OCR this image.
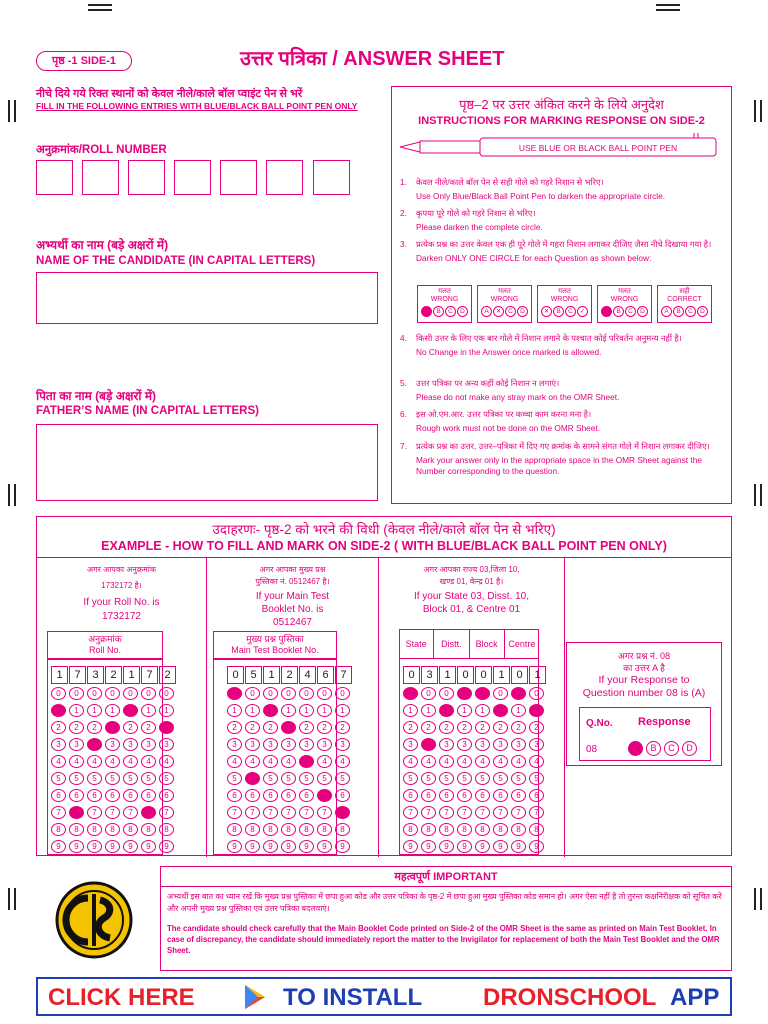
पृष्ठ -1 SIDE-1	उत्तर पत्रिका / ANSWER SHEET
नीचे दिये गये रिक्त स्थानों को केवल नीले/काले बॉल प्वाइंट पेन से भरें
FILL IN THE FOLLOWING ENTRIES WITH BLUE/BLACK BALL POINT PEN ONLY
अनुक्रमांक/ROLL NUMBER
अभ्यर्थी का नाम (बड़े अक्षरों में)
NAME OF THE CANDIDATE (IN CAPITAL LETTERS)
पिता का नाम (बड़े अक्षरों में)
FATHER’S NAME (IN CAPITAL LETTERS)
पृष्ठ–2 पर उत्तर अंकित करने के लिये अनुदेश
INSTRUCTIONS FOR MARKING RESPONSE ON SIDE-2
USE BLUE OR BLACK BALL POINT PEN
1.	केवल नीले/काले बॉल पेन से सही गोले को गहरे निशान से भरिए।
Use Only Blue/Black Ball Point Pen to darken the appropriate circle.
2.	कृपया पूरे गोले को गहरे निशान से भरिए।
Please darken the complete circle.
3.	प्रत्येक प्रश्न का उत्तर केवल एक ही पूरे गोले में गहरा निशान लगाकर दीजिए जैसा नीचे दिखाया गया है।
Darken ONLY ONE CIRCLE for each Question as shown below:
गलत
WRONG
B	C	D
गलत
WRONG
A	✕	C	D
गलत
WRONG
✕	B	C	✓
गलत
WRONG
B	C	D
सही
CORRECT
A	B	C	D
4.	किसी उत्तर के लिए एक बार गोले में निशान लगाने के पश्चात कोई परिवर्तन अनुमन्य नहीं है।
No Change in the Answer once marked is allowed.
5.	उत्तर पत्रिका पर अन्य कहीं कोई निशान न लगाएं।
Please do not make any stray mark on the OMR Sheet.
6.	इस ओ.एम.आर. उत्तर पत्रिका पर कच्चा काम करना मना है।
Rough work must not be done on the OMR Sheet.
7.	प्रत्येक प्रश्न का उत्तर, उत्तर–पत्रिका में दिए गए क्रमांक के सामने संगत गोले में निशान लगाकर दीजिए।
Mark your answer only in the appropriate space in the OMR Sheet against the Number corresponding to the question.
उदाहरणः- पृष्ठ-2 को भरने की विधी (केवल नीले/काले बॉल पेन से भरिए)
EXAMPLE - HOW TO FILL AND MARK ON SIDE-2 ( WITH BLUE/BLACK BALL POINT PEN ONLY)
अगर आपका अनुक्रमांक
1732172 है।
If your Roll No. is
1732172
अनुक्रमांक
Roll No.
1	7	3	2	1	7	2
0	0	0	0	0	0	0
1	1	1	1	1	1	1
2	2	2	2	2	2	2
3	3	3	3	3	3	3
4	4	4	4	4	4	4
5	5	5	5	5	5	5
6	6	6	6	6	6	6
7	7	7	7	7	7	7
8	8	8	8	8	8	8
9	9	9	9	9	9	9
अगर आपका मुख्य प्रश्न
पुस्तिका नं. 0512467 है।
If your Main Test
Booklet No. is
0512467
मुख्य प्रश्न पुस्तिका
Main Test Booklet No.
0	5	1	2	4	6	7
0	0	0	0	0	0	0
1	1	1	1	1	1	1
2	2	2	2	2	2	2
3	3	3	3	3	3	3
4	4	4	4	4	4	4
5	5	5	5	5	5	5
6	6	6	6	6	6	6
7	7	7	7	7	7	7
8	8	8	8	8	8	8
9	9	9	9	9	9	9
अगर आपका राज्य 03,जिला 10,
खण्ड 01, केन्द्र 01 है।
If your State 03, Disst. 10,
Block 01, & Centre 01
State	Distt.	Block	Centre
0	3	1	0	0	1	0	1
0	0	0	0	0	0	0	0
1	1	1	1	1	1	1	1
2	2	2	2	2	2	2	2
3	3	3	3	3	3	3	3
4	4	4	4	4	4	4	4
5	5	5	5	5	5	5	5
6	6	6	6	6	6	6	6
7	7	7	7	7	7	7	7
8	8	8	8	8	8	8	8
9	9	9	9	9	9	9	9
अगर प्रश्न नं. 08
का उत्तर A है
If your Response to
Question number 08 is (A)
Q.No. Response
08	B	C	D
महत्वपूर्ण IMPORTANT
अभ्यर्थी इस बात का ध्यान रखें कि मुख्य प्रश्न पुस्तिका में छपा हुआ कोड और उत्तर पत्रिका के पृष्ठ-2 में छपा हुआ मुख्य पुस्तिका कोड समान हो। अगर ऐसा नहीं है तो तुरन्त कक्षनिरीक्षक को सूचित करें और अपनी मुख्य प्रश्न पुस्तिका एवं उत्तर पत्रिका बदलवाएं।
The candidate should check carefully that the Main Booklet Code printed on Side-2 of the OMR Sheet is the same as printed on Main Test Booklet. In case of discrepancy, the candidate should immediately report the matter to the Invigilator for replacement of both the Main Test Booklet and the OMR Sheet.
CLICK HERE	TO INSTALL	DRONSCHOOL APP
